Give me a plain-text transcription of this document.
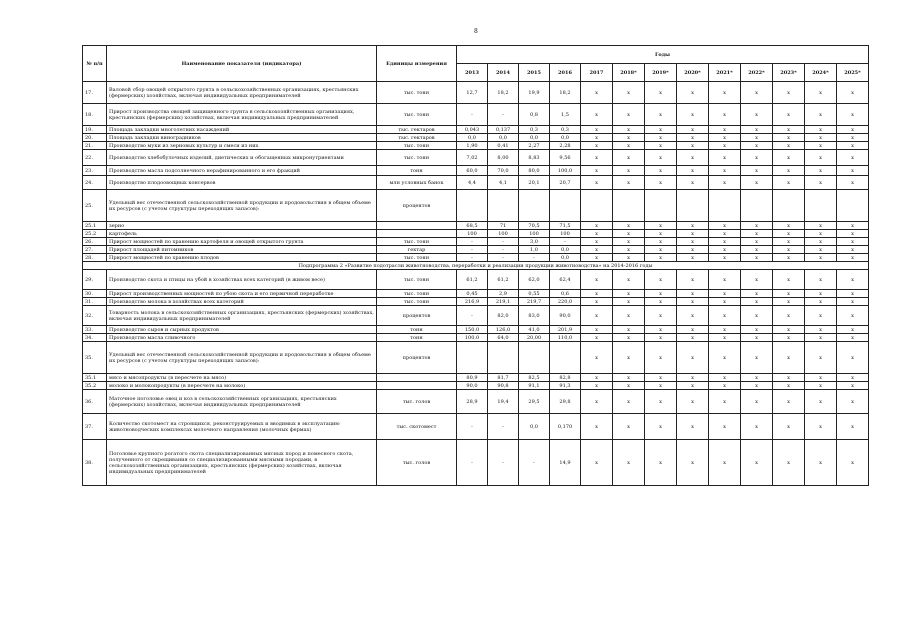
8
№ п/п	Наименование показателя (индикатора)	Единицы измерения	Годы												
			2013	2014	2015	2016	2017	2018*	2019*	2020*	2021*	2022*	2023*	2024*	2025*
17.	Валовой сбор овощей открытого грунта в сельскохозяйственных организациях, крестьянских (фермерских) хозяйствах, включая индивидуальных предпринимателей	тыс. тонн	12,7	18,2	19,9	18,2	х	х	х	х	х	х	х	х	х
18.	Прирост производства овощей защищенного грунта в сельскохозяйственных организациях, крестьянских (фермерских) хозяйствах, включая индивидуальных предпринимателей	тыс. тонн	-	-	0,8	1,5	х	х	х	х	х	х	х	х	х
19.	Площадь закладки многолетних насаждений	тыс. гектаров	0,043	0,137	0,3	0,3	х	х	х	х	х	х	х	х	х
20.	Площадь закладки виноградников	тыс. гектаров	0,0	0,0	0,0	0,0	х	х	х	х	х	х	х	х	х
21.	Производство муки из зерновых культур и смеси из них	тыс. тонн	1,90	0,41	2,27	2,28	х	х	х	х	х	х	х	х	х
22.	Производство хлебобулочных изделий, диетических и обогащенных микронутриентами	тыс. тонн	7,02	8,00	8,83	9,56	х	х	х	х	х	х	х	х	х
23.	Производство масла подсолнечного нерафинированного и его фракций	тонн	60,0	70,0	80,0	100,0	х	х	х	х	х	х	х	х	х
24.	Производство плодоовощных консервов	млн условных банок	4,4	4,1	20,1	20,7	х	х	х	х	х	х	х	х	х
25.	Удельный вес отечественной сельскохозяйственной продукции и продовольствия в общем объеме их ресурсов (с учетом структуры переходящих запасов):	процентов													
25.1	зерно		68,5	71	70,5	71,5	х	х	х	х	х	х	х	х	х
25.2	картофель		100	100	100	100	х	х	х	х	х	х	х	х	х
26.	Прирост мощностей по хранению картофеля и овощей открытого грунта	тыс. тонн	-	-	3,0	-	х	х	х	х	х	х	х	х	х
27.	Прирост площадей питомников	гектар	-	-	1,0	0,0	х	х	х	х	х	х	х	х	х
28.	Прирост мощностей по хранению плодов	тыс. тонн	-	-	-	0,0	х	х	х	х	х	х	х	х	х
Подпрограмма 2 «Развитие подотрасли животноводства, переработки и реализации продукции животноводства» на 2014-2016 годы															
29.	Производство скота и птицы на убой в хозяйствах всех категорий (в живом весе)	тыс. тонн	61,2	61,2	62,0	62,4	х	х	х	х	х	х	х	х	х
30.	Прирост производственных мощностей по убою скота и его первичной переработке	тыс. тонн	0,45	2,9	0,55	0,6	х	х	х	х	х	х	х	х	х
31.	Производство молока в хозяйствах всех категорий	тыс. тонн	216,9	219,1	219,7	220,0	х	х	х	х	х	х	х	х	х
32.	Товарность молока в сельскохозяйственных организациях, крестьянских (фермерских) хозяйствах, включая индивидуальных предпринимателей	процентов	-	82,0	83,0	90,0	х	х	х	х	х	х	х	х	х
33.	Производство сыров и сырных продуктов	тонн	150,0	126,0	41,0	201,9	х	х	х	х	х	х	х	х	х
34.	Производство масла сливочного	тонн	100,0	64,0	20,00	110,0	х	х	х	х	х	х	х	х	х
35.	Удельный вес отечественной сельскохозяйственной продукции и продовольствия в общем объеме их ресурсов (с учетом структуры переходящих запасов):	процентов					х	х	х	х	х	х	х	х	х
35.1	мясо и мясопродукты (в пересчете на мясо)		80,9	81,7	82,5	82,8	х	х	х	х	х	х	х	х	х
35.2	молоко и молокопродукты (в пересчете на молоко)		90,0	90,8	91,1	91,3	х	х	х	х	х	х	х	х	х
36.	Маточное поголовье овец и коз в сельскохозяйственных организациях, крестьянских (фермерских) хозяйствах, включая индивидуальных предпринимателей	тыс. голов	28,9	19,4	29,5	29,8	х	х	х	х	х	х	х	х	х
37.	Количество скотомест на строящихся, реконструируемых и вводимых в эксплуатацию животноводческих комплексах молочного направления (молочных фермах)	тыс. скотомест	-	-	0,0	0,170	х	х	х	х	х	х	х	х	х
38.	Поголовье крупного рогатого скота специализированных мясных пород и помесного скота, полученного от скрещивания со специализированными мясными породами, в сельскохозяйственных организациях, крестьянских (фермерских) хозяйствах, включая индивидуальных предпринимателей	тыс. голов	-	-	-	14,9	х	х	х	х	х	х	х	х	х
